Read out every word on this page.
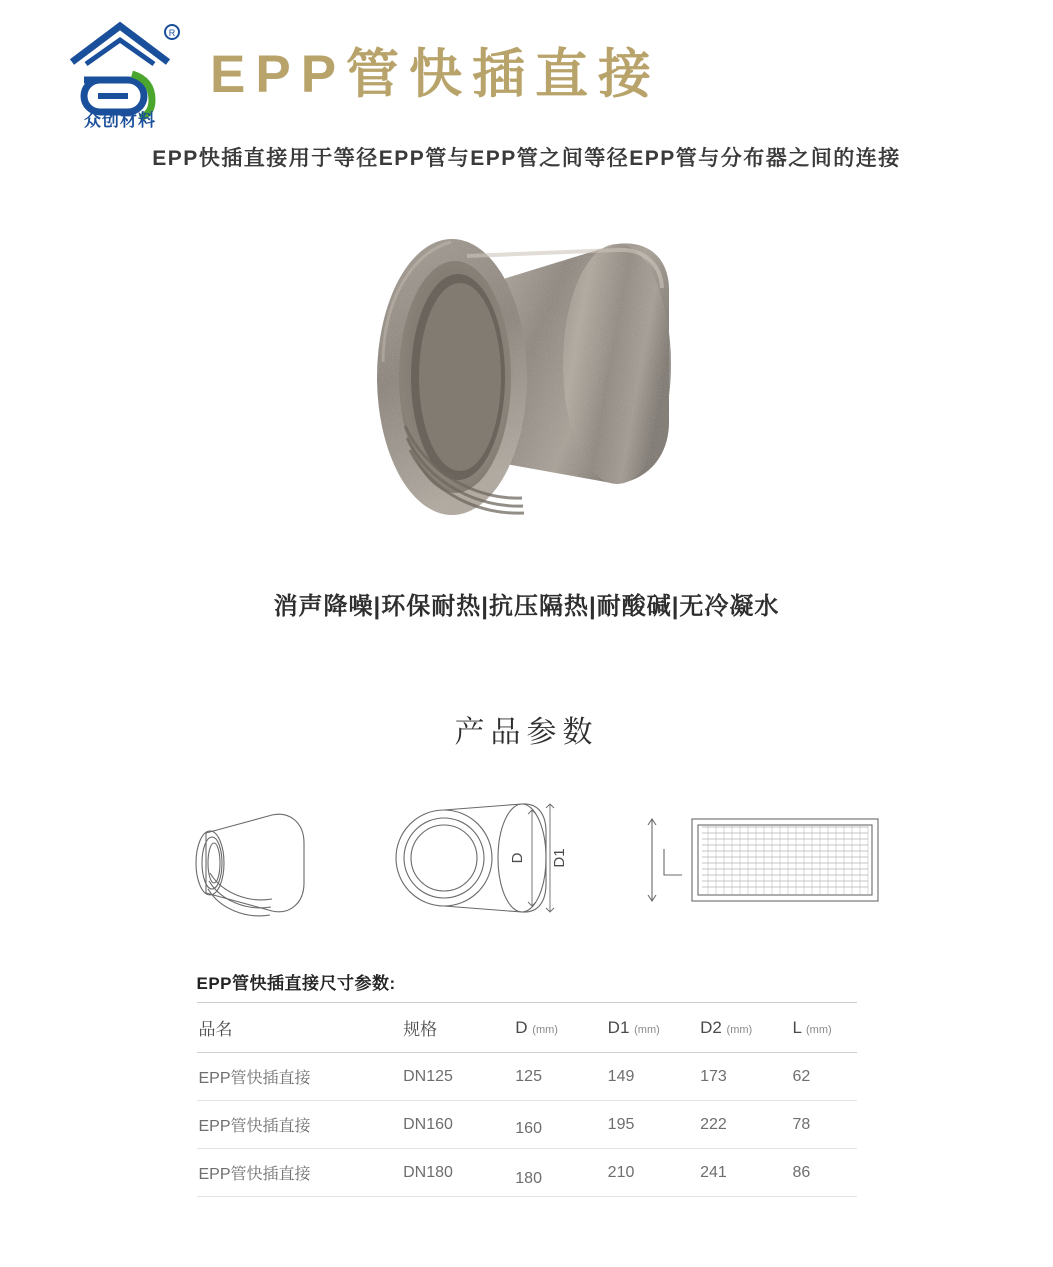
R
众创材料
EPP管快插直接
EPP快插直接用于等径EPP管与EPP管之间等径EPP管与分布器之间的连接
消声降噪|环保耐热|抗压隔热|耐酸碱|无冷凝水
产品参数
D D1
EPP管快插直接尺寸参数:
品名	规格	D (mm)	D1 (mm)	D2 (mm)	L (mm)
EPP管快插直接	DN125	125	149	173	62
EPP管快插直接	DN160	160	195	222	78
EPP管快插直接	DN180	180	210	241	86
